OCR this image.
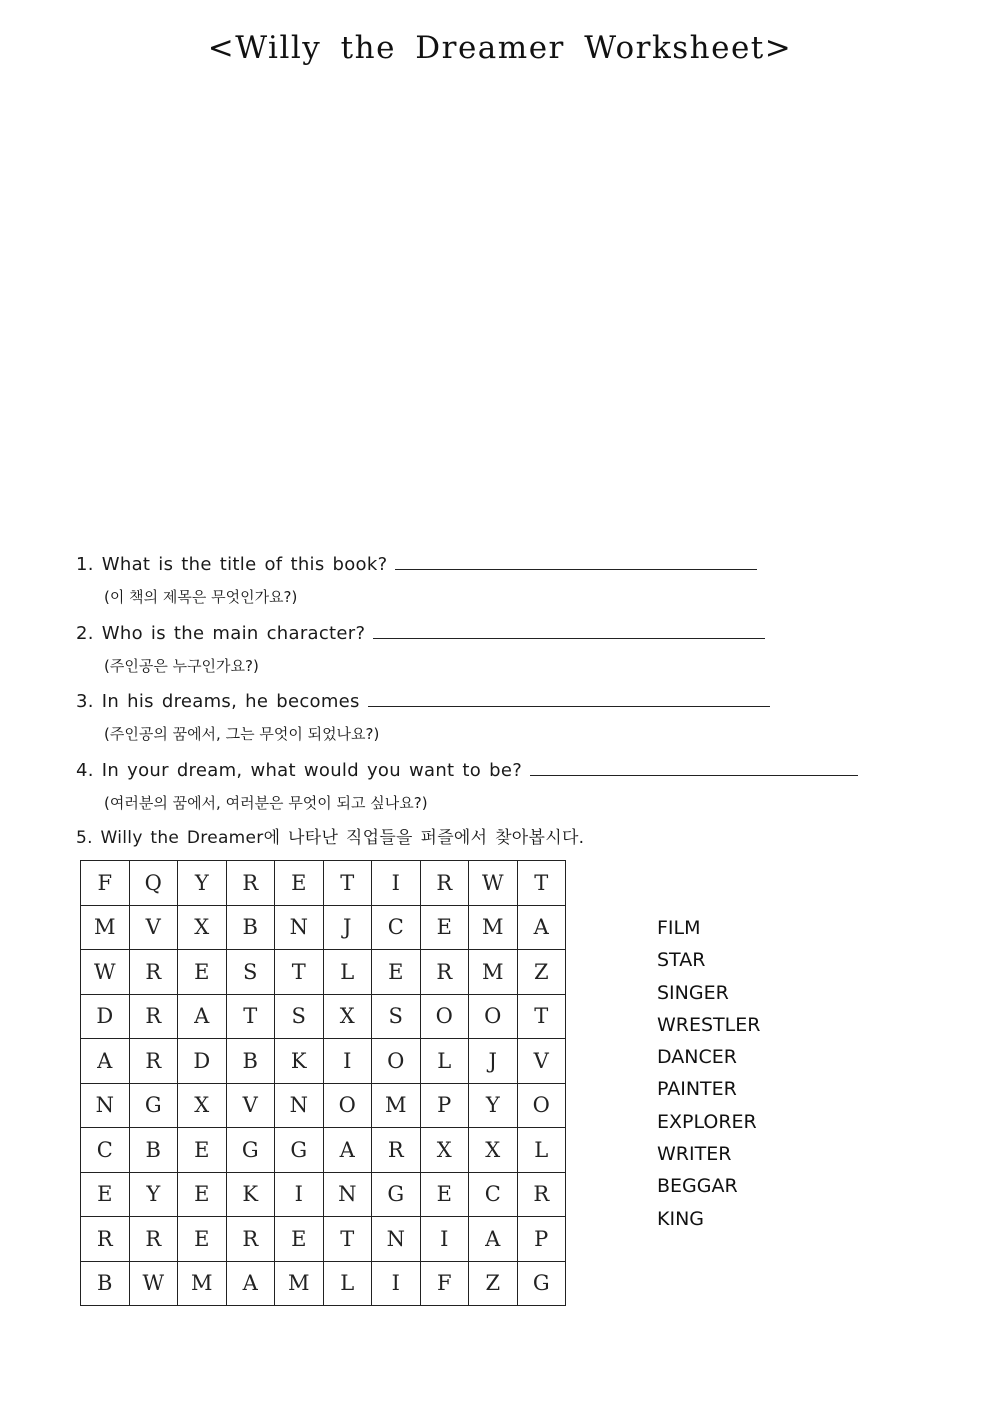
<Willy the Dreamer Worksheet>
1. What is the title of this book?
(이 책의 제목은 무엇인가요?)
2. Who is the main character?
(주인공은 누구인가요?)
3. In his dreams, he becomes
(주인공의 꿈에서, 그는 무엇이 되었나요?)
4. In your dream, what would you want to be?
(여러분의 꿈에서, 여러분은 무엇이 되고 싶나요?)
5. Willy the Dreamer에 나타난 직업들을 퍼즐에서 찾아봅시다.
F	Q	Y	R	E	T	I	R	W	T
M	V	X	B	N	J	C	E	M	A
W	R	E	S	T	L	E	R	M	Z
D	R	A	T	S	X	S	O	O	T
A	R	D	B	K	I	O	L	J	V
N	G	X	V	N	O	M	P	Y	O
C	B	E	G	G	A	R	X	X	L
E	Y	E	K	I	N	G	E	C	R
R	R	E	R	E	T	N	I	A	P
B	W	M	A	M	L	I	F	Z	G
FILM
STAR
SINGER
WRESTLER
DANCER
PAINTER
EXPLORER
WRITER
BEGGAR
KING
